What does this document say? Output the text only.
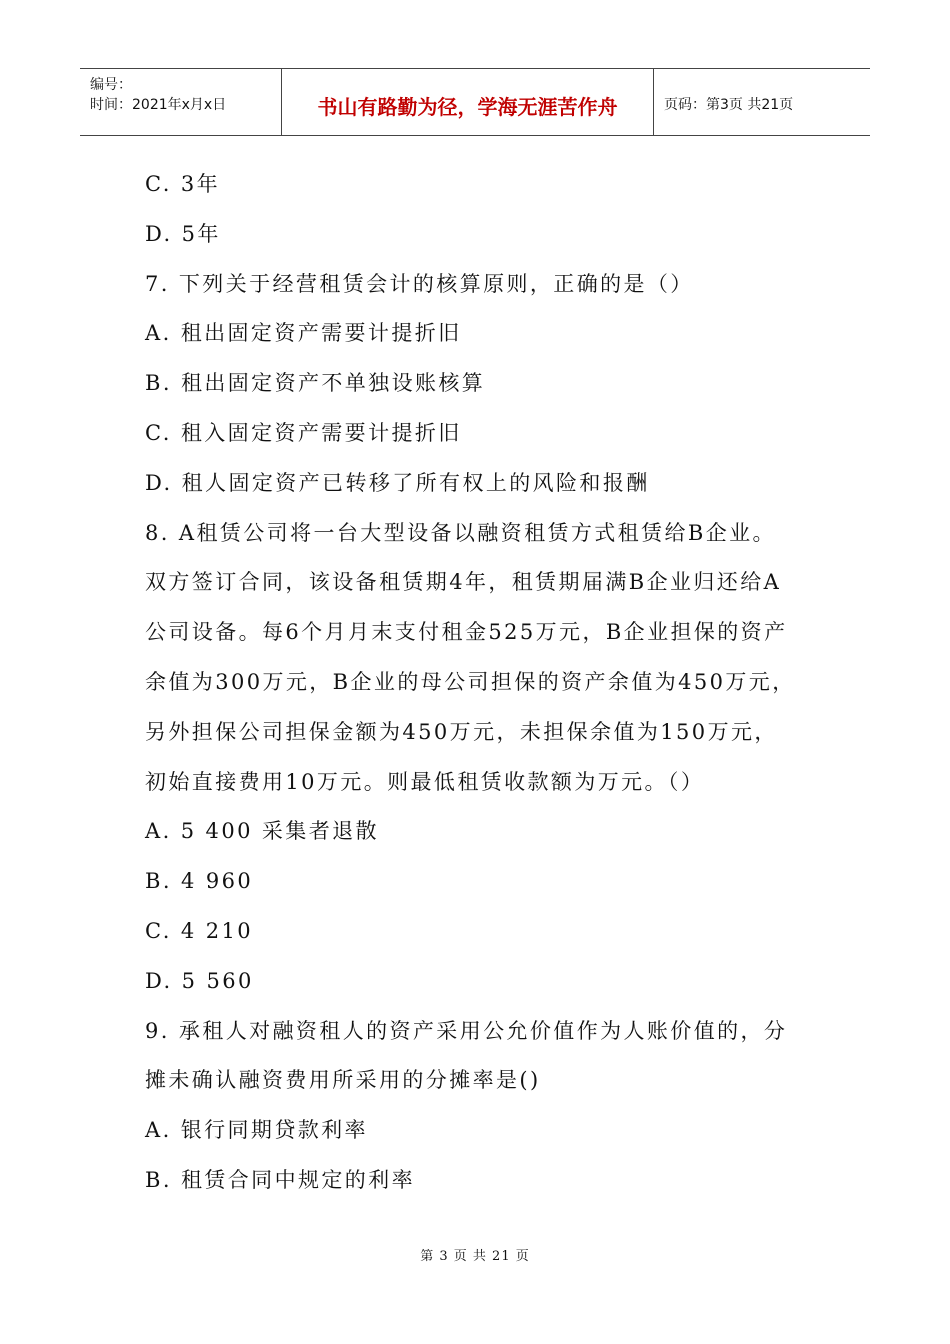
编号：
时间：2021年x月x日	书山有路勤为径，学海无涯苦作舟	页码：第3页 共21页
C. 3年
D. 5年
7. 下列关于经营租赁会计的核算原则，正确的是（）
A. 租出固定资产需要计提折旧
B. 租出固定资产不单独设账核算
C. 租入固定资产需要计提折旧
D. 租人固定资产已转移了所有权上的风险和报酬
8. A租赁公司将一台大型设备以融资租赁方式租赁给B企业。
双方签订合同，该设备租赁期4年，租赁期届满B企业归还给A
公司设备。每6个月月末支付租金525万元，B企业担保的资产
余值为300万元，B企业的母公司担保的资产余值为450万元，
另外担保公司担保金额为450万元，未担保余值为150万元，
初始直接费用10万元。则最低租赁收款额为万元。（）
A. 5 400 采集者退散
B. 4 960
C. 4 210
D. 5 560
9. 承租人对融资租人的资产采用公允价值作为人账价值的，分
摊未确认融资费用所采用的分摊率是()
A. 银行同期贷款利率
B. 租赁合同中规定的利率
第 3 页 共 21 页
